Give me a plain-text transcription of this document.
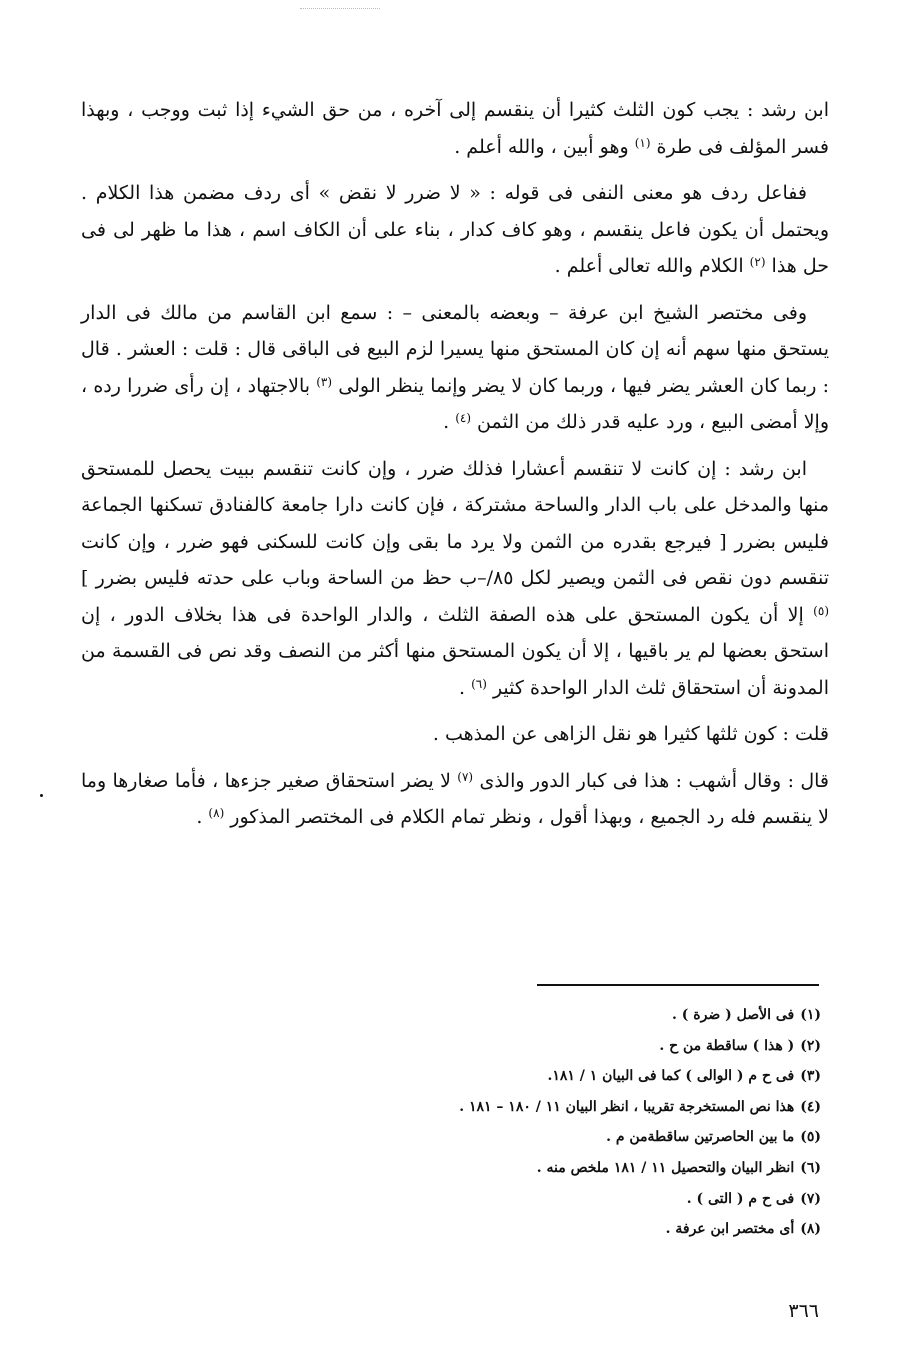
ابن رشد : يجب كون الثلث كثيرا أن ينقسم إلى آخره ، من حق الشيء إذا ثبت ووجب ، وبهذا فسر المؤلف فى طرة $^{(١)}$ وهو أبين ، والله أعلم .

ففاعل ردف هو معنى النفى فى قوله : « لا ضرر لا نقض » أى ردف مضمن هذا الكلام . ويحتمل أن يكون فاعل ينقسم ، وهو كاف كدار ، بناء على أن الكاف اسم ، هذا ما ظهر لى فى حل هذا $^{(٢)}$ الكلام والله تعالى أعلم .

وفى مختصر الشيخ ابن عرفة – وبعضه بالمعنى – : سمع ابن القاسم من مالك فى الدار يستحق منها سهم أنه إن كان المستحق منها يسيرا لزم البيع فى الباقى قال : قلت : العشر . قال : ربما كان العشر يضر فيها ، وربما كان لا يضر وإنما ينظر الولى $^{(٣)}$ بالاجتهاد ، إن رأى ضررا رده ، وإلا أمضى البيع ، ورد عليه قدر ذلك من الثمن $^{(٤)}$ .

ابن رشد : إن كانت لا تنقسم أعشارا فذلك ضرر ، وإن كانت تنقسم ببيت يحصل للمستحق منها والمدخل على باب الدار والساحة مشتركة ، فإن كانت دارا جامعة كالفنادق تسكنها الجماعة فليس بضرر [ فيرجع بقدره من الثمن ولا يرد ما بقى وإن كانت للسكنى فهو ضرر ، وإن كانت تنقسم دون نقص فى الثمن ويصير لكل ٨٥/–ب حظ من الساحة وباب على حدته فليس بضرر ] $^{(٥)}$ إلا أن يكون المستحق على هذه الصفة الثلث ، والدار الواحدة فى هذا بخلاف الدور ، إن استحق بعضها لم ير باقيها ، إلا أن يكون المستحق منها أكثر من النصف وقد نص فى القسمة من المدونة أن استحقاق ثلث الدار الواحدة كثير $^{(٦)}$ .

قلت : كون ثلثها كثيرا هو نقل الزاهى عن المذهب .

قال : وقال أشهب : هذا فى كبار الدور والذى $^{(٧)}$ لا يضر استحقاق صغير جزءها ، فأما صغارها وما لا ينقسم فله رد الجميع ، وبهذا أقول ، ونظر تمام الكلام فى المختصر المذكور $^{(٨)}$ .

(١)فى الأصل ( ضرة ) .
(٢)( هذا ) ساقطة من ح .
(٣)فى ح م ( الوالى ) كما فى البيان ١ / ١٨١.
(٤)هذا نص المستخرجة تقريبا ، انظر البيان ١١ / ١٨٠ – ١٨١ .
(٥)ما بين الحاصرتين ساقطةمن م .
(٦)انظر البيان والتحصيل ١١ / ١٨١ ملخص منه .
(٧)فى ح م ( التى ) .
(٨)أى مختصر ابن عرفة .
٣٦٦
